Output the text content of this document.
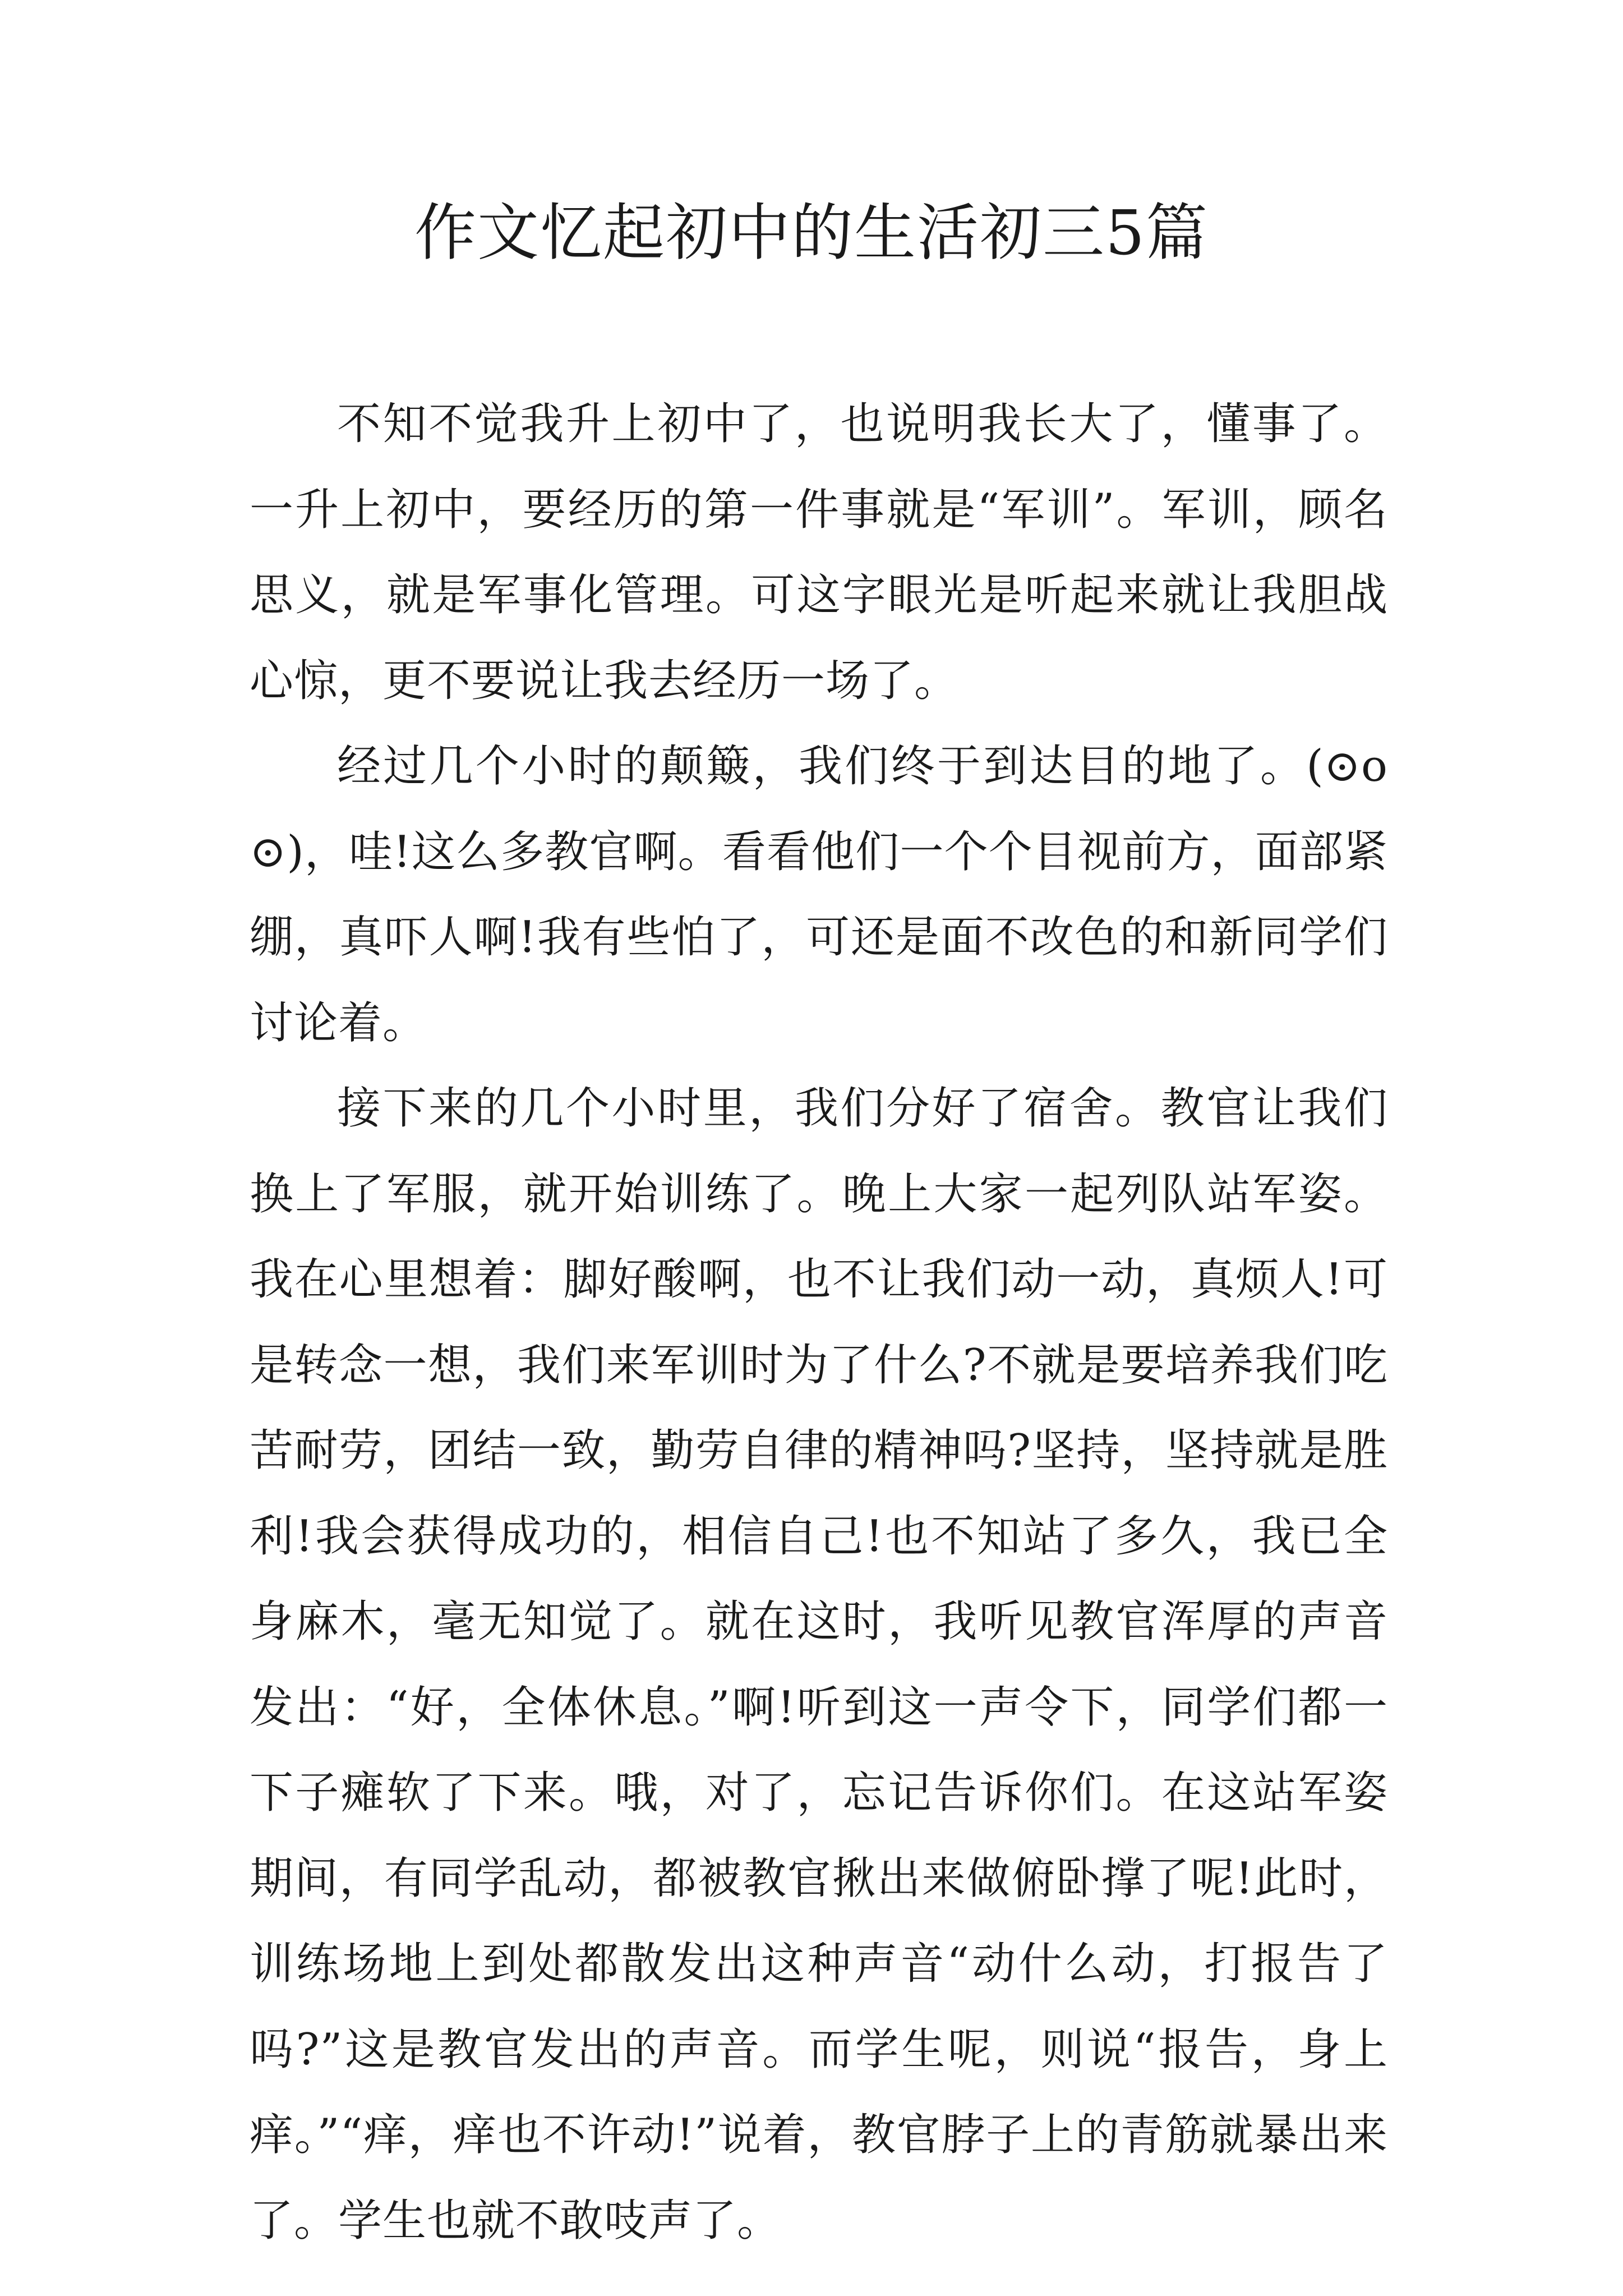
作文忆起初中的生活初三5篇

不知不觉我升上初中了，也说明我长大了，懂事了。一升上初中，要经历的第一件事就是“军训”。军训，顾名思义，就是军事化管理。可这字眼光是听起来就让我胆战心惊，更不要说让我去经历一场了。

经过几个小时的颠簸，我们终于到达目的地了。(⊙o⊙)，哇!这么多教官啊。看看他们一个个目视前方，面部紧绷，真吓人啊!我有些怕了，可还是面不改色的和新同学们讨论着。

接下来的几个小时里，我们分好了宿舍。教官让我们换上了军服，就开始训练了。晚上大家一起列队站军姿。我在心里想着：脚好酸啊，也不让我们动一动，真烦人!可是转念一想，我们来军训时为了什么?不就是要培养我们吃苦耐劳，团结一致，勤劳自律的精神吗?坚持，坚持就是胜利!我会获得成功的，相信自己!也不知站了多久，我已全身麻木，毫无知觉了。就在这时，我听见教官浑厚的声音发出：“好，全体休息。”啊!听到这一声令下，同学们都一下子瘫软了下来。哦，对了，忘记告诉你们。在这站军姿期间，有同学乱动，都被教官揪出来做俯卧撑了呢!此时，训练场地上到处都散发出这种声音“动什么动，打报告了吗?”这是教官发出的声音。而学生呢，则说“报告，身上痒。”“痒，痒也不许动!”说着，教官脖子上的青筋就暴出来了。学生也就不敢吱声了。
